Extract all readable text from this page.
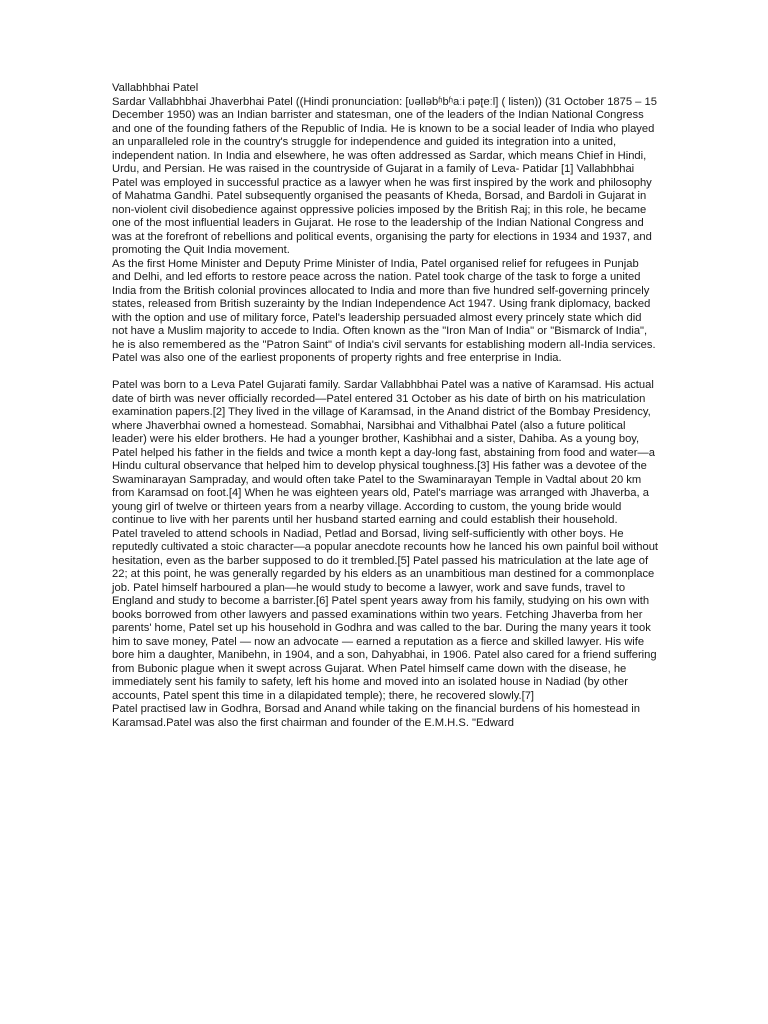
Vallabhbhai Patel

Sardar Vallabhbhai Jhaverbhai Patel ((Hindi pronunciation: [ʋəlləbʱbʱaːi pəʈeːl] ( listen)) (31 October 1875 – 15 December 1950) was an Indian barrister and statesman, one of the leaders of the Indian National Congress and one of the founding fathers of the Republic of India. He is known to be a social leader of India who played an unparalleled role in the country's struggle for independence and guided its integration into a united, independent nation. In India and elsewhere, he was often addressed as Sardar, which means Chief in Hindi, Urdu, and Persian. He was raised in the countryside of Gujarat in a family of Leva- Patidar [1] Vallabhbhai Patel was employed in successful practice as a lawyer when he was first inspired by the work and philosophy of Mahatma Gandhi. Patel subsequently organised the peasants of Kheda, Borsad, and Bardoli in Gujarat in non-violent civil disobedience against oppressive policies imposed by the British Raj; in this role, he became one of the most influential leaders in Gujarat. He rose to the leadership of the Indian National Congress and was at the forefront of rebellions and political events, organising the party for elections in 1934 and 1937, and promoting the Quit India movement.

As the first Home Minister and Deputy Prime Minister of India, Patel organised relief for refugees in Punjab and Delhi, and led efforts to restore peace across the nation. Patel took charge of the task to forge a united India from the British colonial provinces allocated to India and more than five hundred self-governing princely states, released from British suzerainty by the Indian Independence Act 1947. Using frank diplomacy, backed with the option and use of military force, Patel's leadership persuaded almost every princely state which did not have a Muslim majority to accede to India. Often known as the "Iron Man of India" or "Bismarck of India", he is also remembered as the "Patron Saint" of India's civil servants for establishing modern all-India services. Patel was also one of the earliest proponents of property rights and free enterprise in India.

Patel was born to a Leva Patel Gujarati family. Sardar Vallabhbhai Patel was a native of Karamsad. His actual date of birth was never officially recorded—Patel entered 31 October as his date of birth on his matriculation examination papers.[2] They lived in the village of Karamsad, in the Anand district of the Bombay Presidency, where Jhaverbhai owned a homestead. Somabhai, Narsibhai and Vithalbhai Patel (also a future political leader) were his elder brothers. He had a younger brother, Kashibhai and a sister, Dahiba. As a young boy, Patel helped his father in the fields and twice a month kept a day-long fast, abstaining from food and water—a Hindu cultural observance that helped him to develop physical toughness.[3] His father was a devotee of the Swaminarayan Sampraday, and would often take Patel to the Swaminarayan Temple in Vadtal about 20 km from Karamsad on foot.[4] When he was eighteen years old, Patel's marriage was arranged with Jhaverba, a young girl of twelve or thirteen years from a nearby village. According to custom, the young bride would continue to live with her parents until her husband started earning and could establish their household.

Patel traveled to attend schools in Nadiad, Petlad and Borsad, living self-sufficiently with other boys. He reputedly cultivated a stoic character—a popular anecdote recounts how he lanced his own painful boil without hesitation, even as the barber supposed to do it trembled.[5] Patel passed his matriculation at the late age of 22; at this point, he was generally regarded by his elders as an unambitious man destined for a commonplace job. Patel himself harboured a plan—he would study to become a lawyer, work and save funds, travel to England and study to become a barrister.[6] Patel spent years away from his family, studying on his own with books borrowed from other lawyers and passed examinations within two years. Fetching Jhaverba from her parents' home, Patel set up his household in Godhra and was called to the bar. During the many years it took him to save money, Patel — now an advocate — earned a reputation as a fierce and skilled lawyer. His wife bore him a daughter, Manibehn, in 1904, and a son, Dahyabhai, in 1906. Patel also cared for a friend suffering from Bubonic plague when it swept across Gujarat. When Patel himself came down with the disease, he immediately sent his family to safety, left his home and moved into an isolated house in Nadiad (by other accounts, Patel spent this time in a dilapidated temple); there, he recovered slowly.[7]

Patel practised law in Godhra, Borsad and Anand while taking on the financial burdens of his homestead in Karamsad.Patel was also the first chairman and founder of the E.M.H.S. "Edward
